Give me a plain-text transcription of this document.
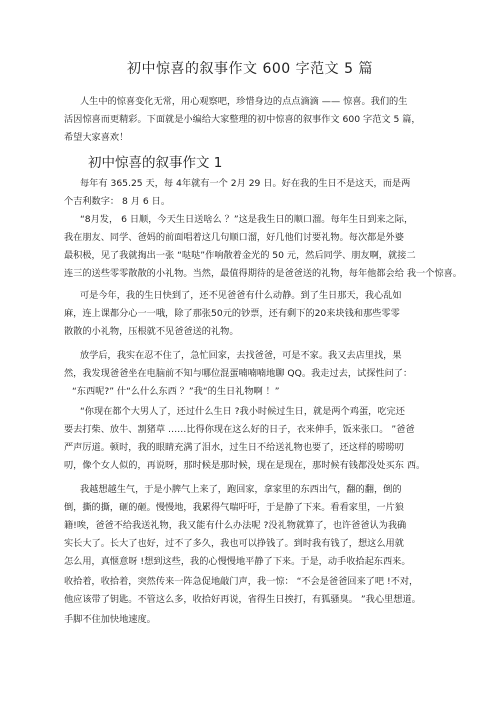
初中惊喜的叙事作文 600 字范文 5 篇
人生中的惊喜变化无常，用心观察吧，珍惜身边的点点滴滴 —— 惊喜。我们的生
活因惊喜而更精彩。下面就是小编给大家整理的初中惊喜的叙事作文 600 字范文 5 篇，
希望大家喜欢！
初中惊喜的叙事作文 1
每年有 365.25 天，每 4年就有一个 2月 29 日。好在我的生日不是这天，而是两
个吉利数字： 8 月 6 日。
“8月发， 6 日顺，今天生日送啥么 ？”这是我生日的顺口溜。每年生日到来之际，
我在朋友、同学、爸妈的前面唱着这几句顺口溜，好几他们讨要礼物。每次都是外婆
最积极，见了我就掏出一张 “哒哒”作响散着金光的 50 元，然后同学、朋友啊，就接二
连三的送些零零散散的小礼物。当然，最值得期待的是爸爸送的礼物，每年他都会给 我一个惊喜。
可是今年，我的生日快到了，还不见爸爸有什么动静。到了生日那天，我心乱如
麻，连上课都分心一一哦，除了那张50元的钞票，还有剩下的20来块钱和那些零零
散散的小礼物，压根就不见爸爸送的礼物。
放学后，我实在忍不住了，急忙回家，去找爸爸，可是不家。我又去店里找，果
然，我发现爸爸坐在电脑前不知与哪位混蛋喃喃喃地聊 QQ。我走过去，试探性问了：
“东西呢?” 什“么什么东西 ？”我“的生日礼物啊 ！”
“你现在都个大男人了，还过什么生日 ?我小时候过生日，就是两个鸡蛋，吃完还
要去打柴、放牛、割猪草 ……比得你现在这么好的日子，衣来伸手，饭来张口。 ”爸爸
严声厉道。顿时，我的眼睛充满了泪水，过生日不给送礼物也要了，还这样的唠唠叨
叨，像个女人似的，再说呀，那时候是那时候，现在是现在，那时候有钱都没处买东 西。
我越想越生气，于是小脾气上来了，跑回家，拿家里的东西出气，翻的翻，倒的
倒，撕的撕，砸的砸。慢慢地，我累得气喘吁吁，于是静了下来。看看家里，一片狼
籍!唉，爸爸不给我送礼物，我又能有什么办法呢 ?没礼物就算了，也许爸爸认为我确
实长大了。长大了也好，过不了多久，我也可以挣钱了。到时我有钱了，想这么用就
怎么用，真惬意呀 !想到这些，我的心慢慢地平静了下来。于是，动手收拾起东西来。
收拾着，收拾着，突然传来一阵急促地敲门声，我一惊： “不会是爸爸回来了吧 !不对，
他应该带了钥匙。不管这么多，收拾好再说，省得生日挨打，有狐骚臭。 ”我心里想道。
手脚不住加快地速度。
